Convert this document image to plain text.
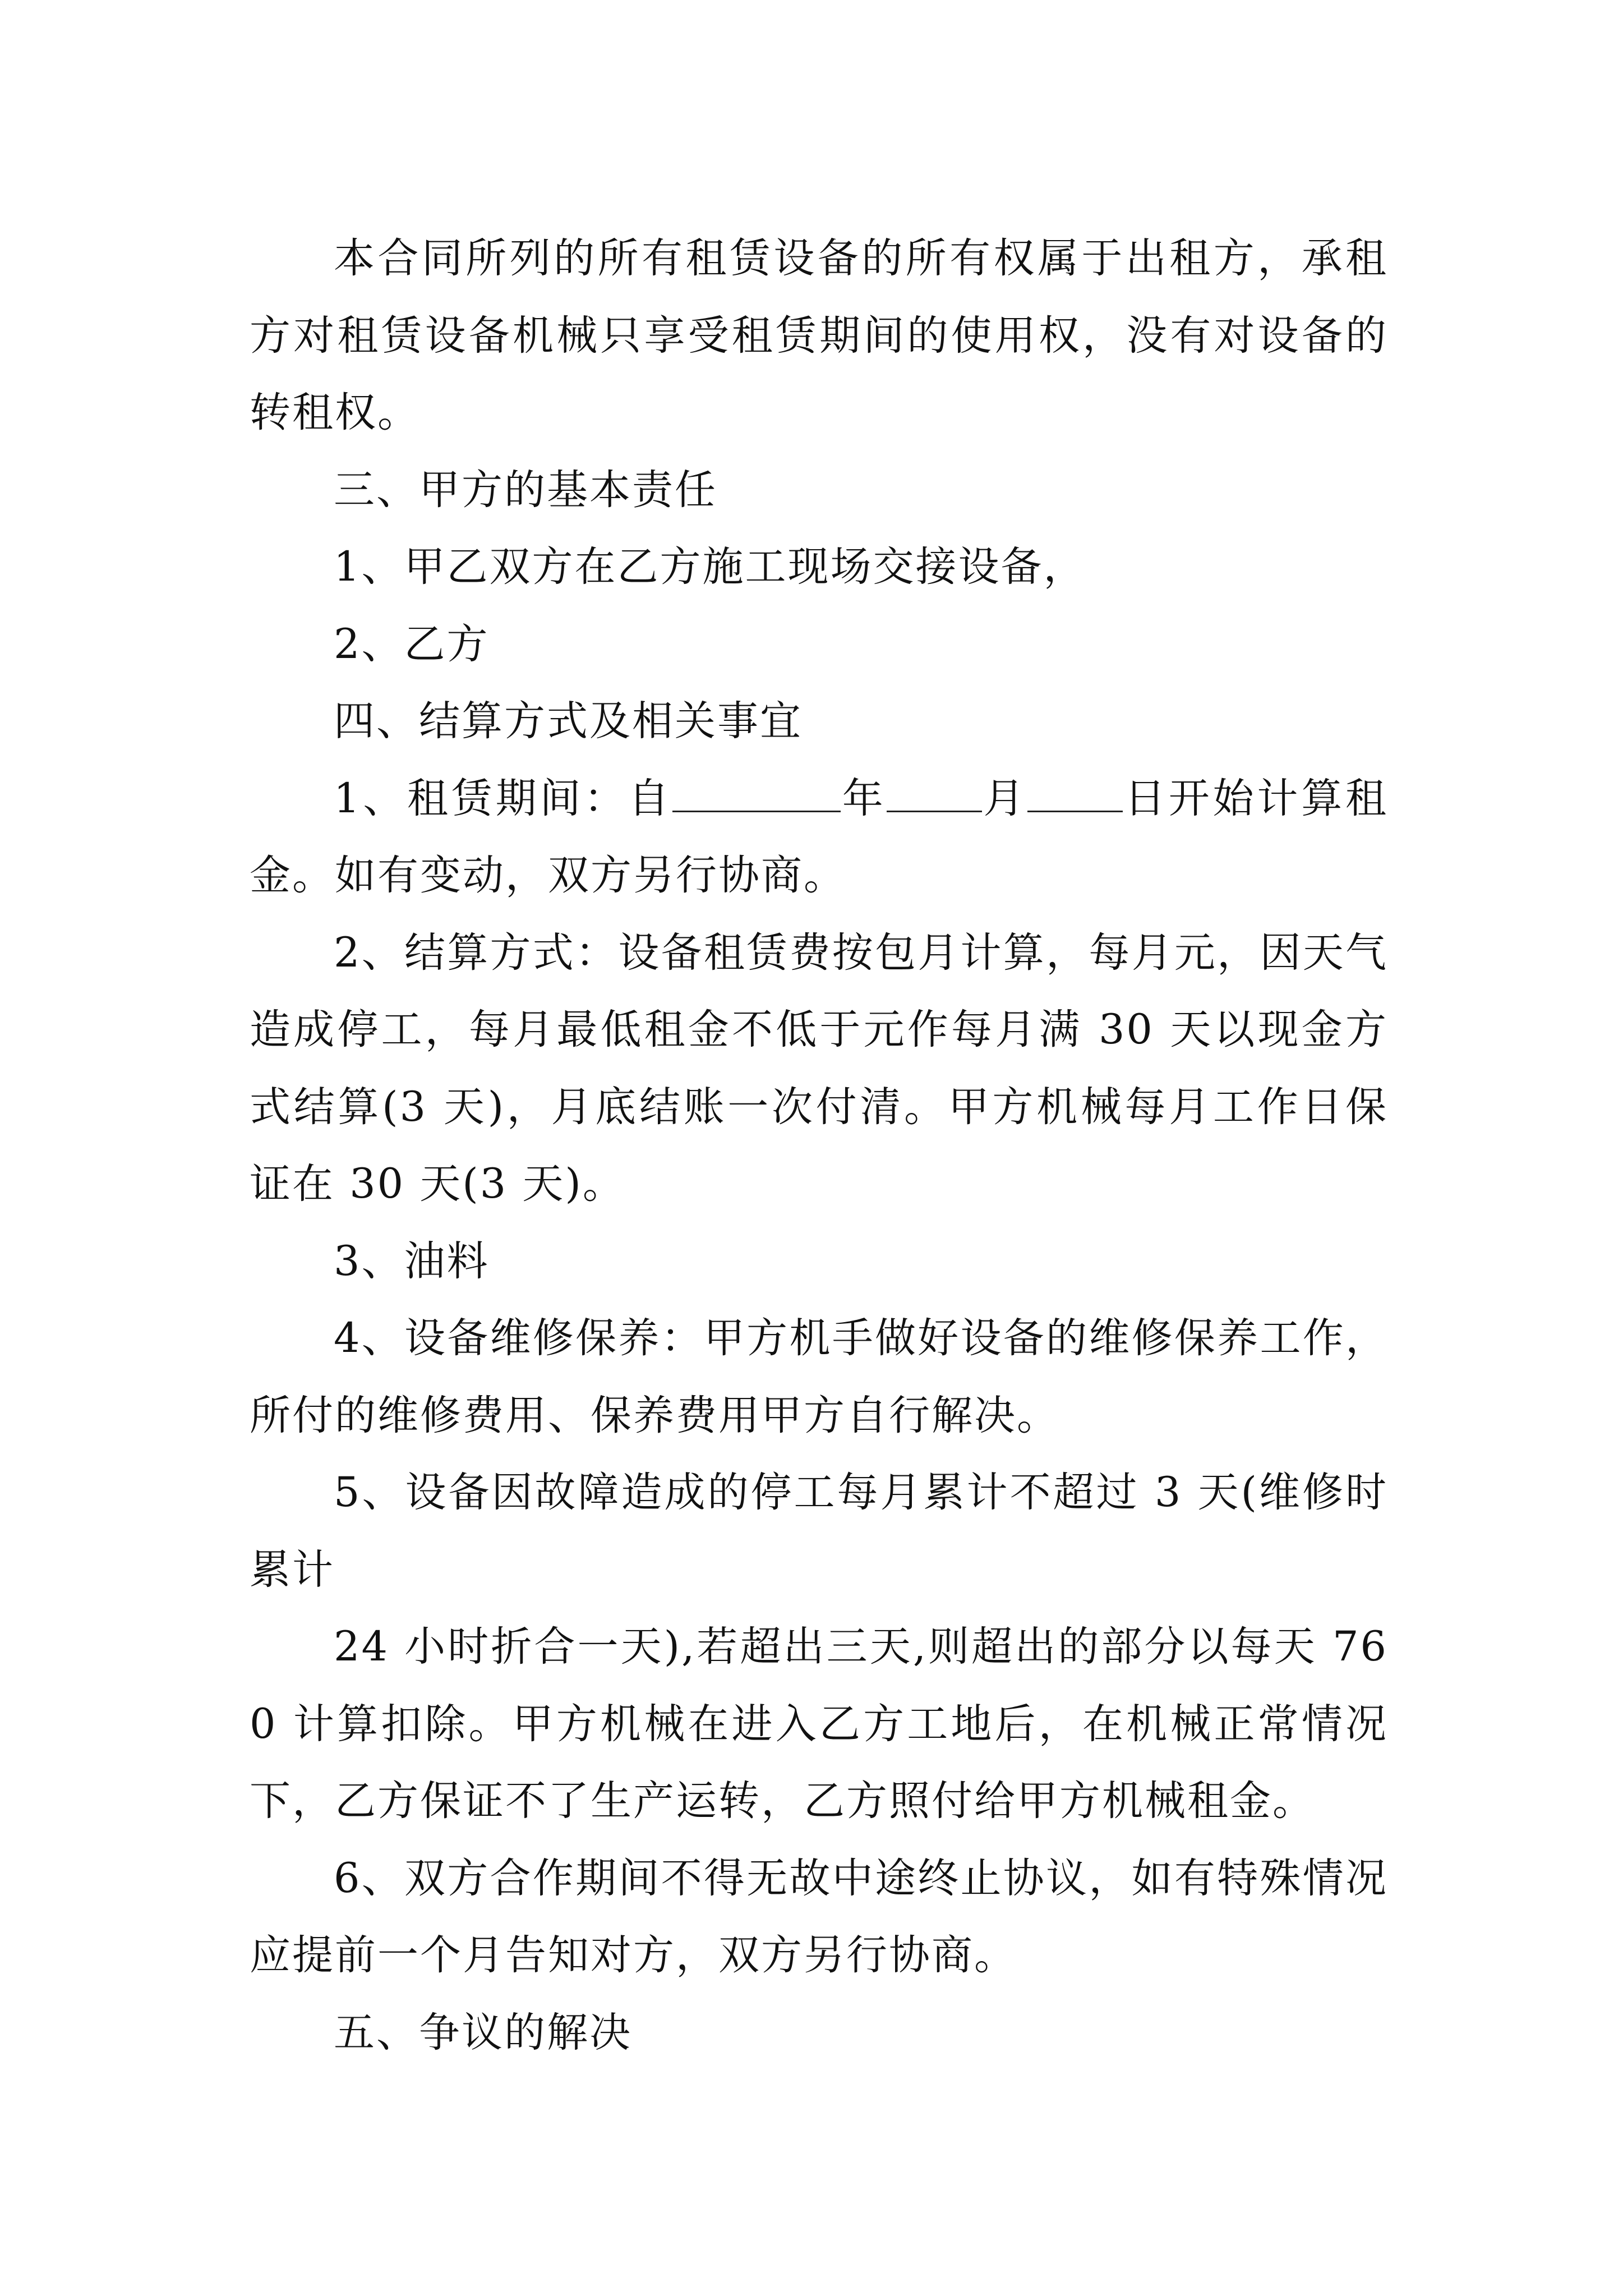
本合同所列的所有租赁设备的所有权属于出租方，承租方对租赁设备机械只享受租赁期间的使用权，没有对设备的转租权。

三、甲方的基本责任

1、甲乙双方在乙方施工现场交接设备，

2、乙方

四、结算方式及相关事宜

1、租赁期间：自	年 月 日开始计算租金。如有变动，双方另行协商。

2、结算方式：设备租赁费按包月计算，每月元，因天气造成停工，每月最低租金不低于元作每月满 30 天以现金方式结算(3 天)，月底结账一次付清。甲方机械每月工作日保证在 30 天(3 天)。

3、油料

4、设备维修保养：甲方机手做好设备的维修保养工作，所付的维修费用、保养费用甲方自行解决。

5、设备因故障造成的停工每月累计不超过 3 天(维修时累计

24 小时折合一天),若超出三天,则超出的部分以每天 760 计算扣除。甲方机械在进入乙方工地后，在机械正常情况下，乙方保证不了生产运转，乙方照付给甲方机械租金。

6、双方合作期间不得无故中途终止协议，如有特殊情况应提前一个月告知对方，双方另行协商。

五、争议的解决
